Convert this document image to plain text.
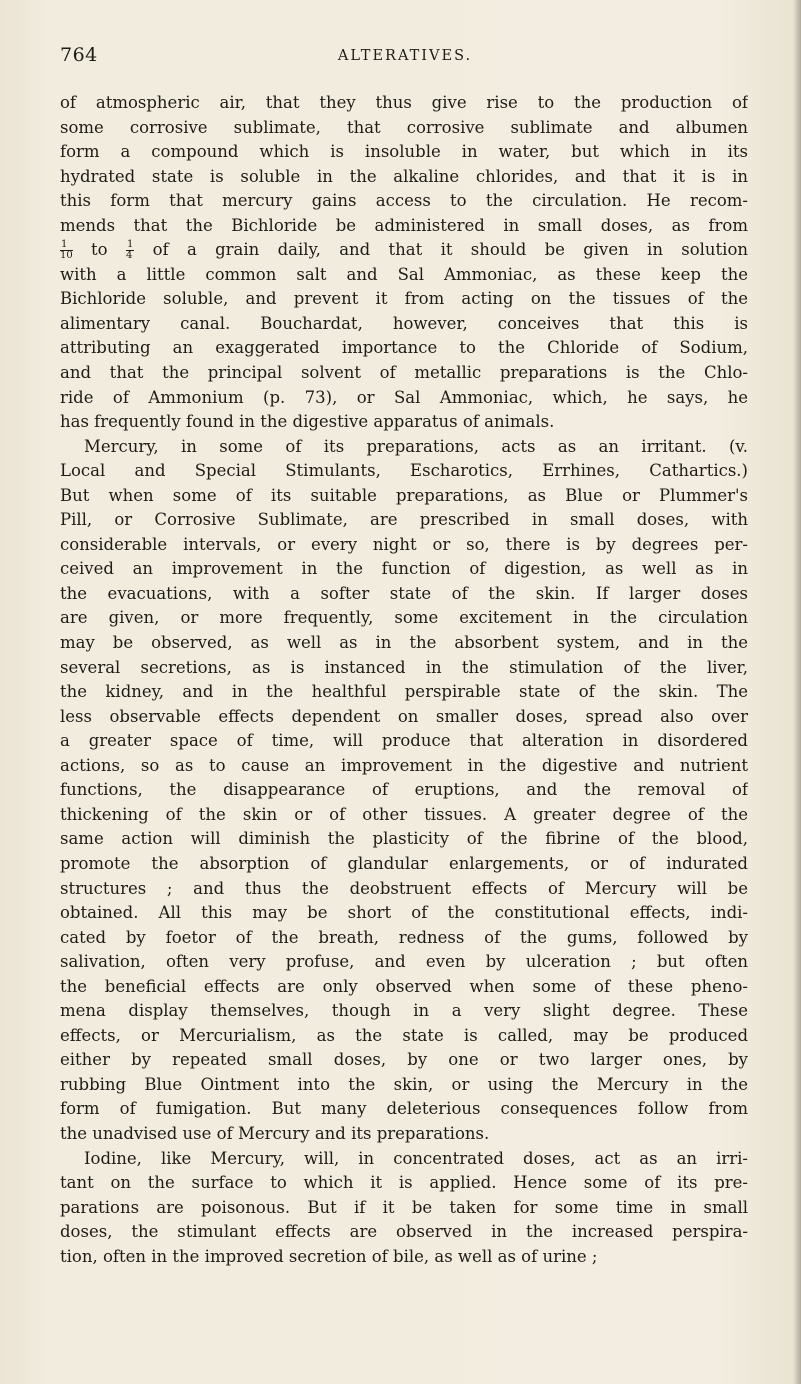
764	ALTERATIVES.
of atmospheric air, that they thus give rise to the production of
some corrosive sublimate, that corrosive sublimate and albumen
form a compound which is insoluble in water, but which in its
hydrated state is soluble in the alkaline chlorides, and that it is in
this form that mercury gains access to the circulation. He recom-
mends that the Bichloride be administered in small doses, as from
$\frac{1}{10}$ to $\frac{1}{4}$ of a grain daily, and that it should be given in solution
with a little common salt and Sal Ammoniac, as these keep the
Bichloride soluble, and prevent it from acting on the tissues of the
alimentary canal. Bouchardat, however, conceives that this is
attributing an exaggerated importance to the Chloride of Sodium,
and that the principal solvent of metallic preparations is the Chlo-
ride of Ammonium (p. 73), or Sal Ammoniac, which, he says, he
has frequently found in the digestive apparatus of animals.
Mercury, in some of its preparations, acts as an irritant. (v.
Local and Special Stimulants, Escharotics, Errhines, Cathartics.)
But when some of its suitable preparations, as Blue or Plummer's
Pill, or Corrosive Sublimate, are prescribed in small doses, with
considerable intervals, or every night or so, there is by degrees per-
ceived an improvement in the function of digestion, as well as in
the evacuations, with a softer state of the skin. If larger doses
are given, or more frequently, some excitement in the circulation
may be observed, as well as in the absorbent system, and in the
several secretions, as is instanced in the stimulation of the liver,
the kidney, and in the healthful perspirable state of the skin. The
less observable effects dependent on smaller doses, spread also over
a greater space of time, will produce that alteration in disordered
actions, so as to cause an improvement in the digestive and nutrient
functions, the disappearance of eruptions, and the removal of
thickening of the skin or of other tissues. A greater degree of the
same action will diminish the plasticity of the fibrine of the blood,
promote the absorption of glandular enlargements, or of indurated
structures ; and thus the deobstruent effects of Mercury will be
obtained. All this may be short of the constitutional effects, indi-
cated by foetor of the breath, redness of the gums, followed by
salivation, often very profuse, and even by ulceration ; but often
the beneficial effects are only observed when some of these pheno-
mena display themselves, though in a very slight degree. These
effects, or Mercurialism, as the state is called, may be produced
either by repeated small doses, by one or two larger ones, by
rubbing Blue Ointment into the skin, or using the Mercury in the
form of fumigation. But many deleterious consequences follow from
the unadvised use of Mercury and its preparations.
Iodine, like Mercury, will, in concentrated doses, act as an irri-
tant on the surface to which it is applied. Hence some of its pre-
parations are poisonous. But if it be taken for some time in small
doses, the stimulant effects are observed in the increased perspira-
tion, often in the improved secretion of bile, as well as of urine ;
